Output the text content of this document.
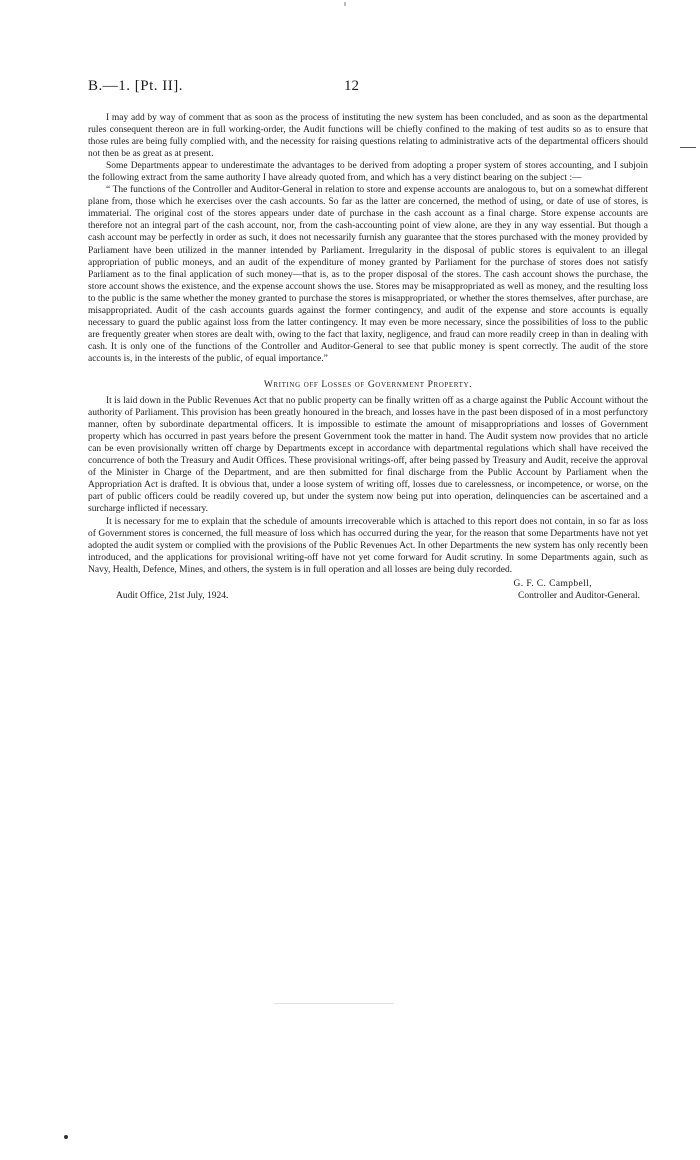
B.—1. [Pt. II].	12

I may add by way of comment that as soon as the process of instituting the new system has been concluded, and as soon as the departmental rules consequent thereon are in full working-order, the Audit functions will be chiefly confined to the making of test audits so as to ensure that those rules are being fully complied with, and the necessity for raising questions relating to administrative acts of the departmental officers should not then be as great as at present.

Some Departments appear to underestimate the advantages to be derived from adopting a proper system of stores accounting, and I subjoin the following extract from the same authority I have already quoted from, and which has a very distinct bearing on the subject :—

“ The functions of the Controller and Auditor-General in relation to store and expense accounts are analogous to, but on a somewhat different plane from, those which he exercises over the cash accounts. So far as the latter are concerned, the method of using, or date of use of stores, is immaterial. The original cost of the stores appears under date of purchase in the cash account as a final charge. Store expense accounts are therefore not an integral part of the cash account, nor, from the cash-accounting point of view alone, are they in any way essential. But though a cash account may be perfectly in order as such, it does not necessarily furnish any guarantee that the stores purchased with the money provided by Parliament have been utilized in the manner intended by Parliament. Irregularity in the disposal of public stores is equivalent to an illegal appropriation of public moneys, and an audit of the expenditure of money granted by Parliament for the purchase of stores does not satisfy Parliament as to the final application of such money—that is, as to the proper disposal of the stores. The cash account shows the purchase, the store account shows the existence, and the expense account shows the use. Stores may be misappropriated as well as money, and the resulting loss to the public is the same whether the money granted to purchase the stores is misappropriated, or whether the stores themselves, after purchase, are misappropriated. Audit of the cash accounts guards against the former contingency, and audit of the expense and store accounts is equally necessary to guard the public against loss from the latter contingency. It may even be more necessary, since the possibilities of loss to the public are frequently greater when stores are dealt with, owing to the fact that laxity, negligence, and fraud can more readily creep in than in dealing with cash. It is only one of the functions of the Controller and Auditor-General to see that public money is spent correctly. The audit of the store accounts is, in the interests of the public, of equal importance.”

Writing off Losses of Government Property.

It is laid down in the Public Revenues Act that no public property can be finally written off as a charge against the Public Account without the authority of Parliament. This provision has been greatly honoured in the breach, and losses have in the past been disposed of in a most perfunctory manner, often by subordinate departmental officers. It is impossible to estimate the amount of misappropriations and losses of Government property which has occurred in past years before the present Government took the matter in hand. The Audit system now provides that no article can be even provisionally written off charge by Departments except in accordance with departmental regulations which shall have received the concurrence of both the Treasury and Audit Offices. These provisional writings-off, after being passed by Treasury and Audit, receive the approval of the Minister in Charge of the Department, and are then submitted for final discharge from the Public Account by Parliament when the Appropriation Act is drafted. It is obvious that, under a loose system of writing off, losses due to carelessness, or incompetence, or worse, on the part of public officers could be readily covered up, but under the system now being put into operation, delinquencies can be ascertained and a surcharge inflicted if necessary.

It is necessary for me to explain that the schedule of amounts irrecoverable which is attached to this report does not contain, in so far as loss of Government stores is concerned, the full measure of loss which has occurred during the year, for the reason that some Departments have not yet adopted the audit system or complied with the provisions of the Public Revenues Act. In other Departments the new system has only recently been introduced, and the applications for provisional writing-off have not yet come forward for Audit scrutiny. In some Departments again, such as Navy, Health, Defence, Mines, and others, the system is in full operation and all losses are being duly recorded.

Audit Office, 21st July, 1924.
G. F. C. Campbell,
Controller and Auditor-General.
